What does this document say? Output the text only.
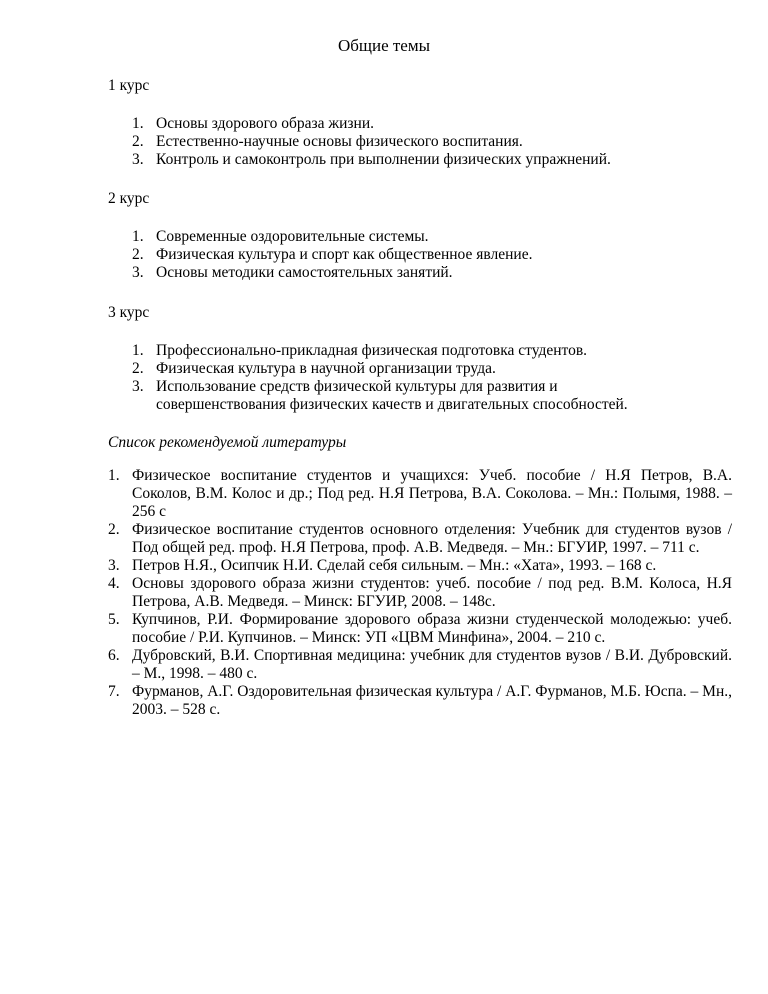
Общие темы
1 курс
1. Основы здорового образа жизни.
2. Естественно-научные основы физического воспитания.
3. Контроль и самоконтроль при выполнении физических упражнений.
2 курс
1. Современные оздоровительные системы.
2. Физическая культура и спорт как общественное явление.
3. Основы методики самостоятельных занятий.
3 курс
1. Профессионально-прикладная физическая подготовка студентов.
2. Физическая культура в научной организации труда.
3. Использование средств физической культуры для развития и совершенствования физических качеств и двигательных способностей.
Список рекомендуемой литературы
1. Физическое воспитание студентов и учащихся: Учеб. пособие / Н.Я Петров, В.А. Соколов, В.М. Колос и др.; Под ред. Н.Я Петрова, В.А. Соколова. – Мн.: Полымя, 1988. – 256 с
2. Физическое воспитание студентов основного отделения: Учебник для студентов вузов / Под общей ред. проф. Н.Я Петрова, проф. А.В. Медведя. – Мн.: БГУИР, 1997. – 711 с.
3. Петров Н.Я., Осипчик Н.И. Сделай себя сильным. – Мн.: «Хата», 1993. – 168 с.
4. Основы здорового образа жизни студентов: учеб. пособие / под ред. В.М. Колоса, Н.Я Петрова, А.В. Медведя. – Минск: БГУИР, 2008. – 148с.
5. Купчинов, Р.И. Формирование здорового образа жизни студенческой молодежью: учеб. пособие / Р.И. Купчинов. – Минск: УП «ЦВМ Минфина», 2004. – 210 с.
6. Дубровский, В.И. Спортивная медицина: учебник для студентов вузов / В.И. Дубровский. – М., 1998. – 480 с.
7. Фурманов, А.Г. Оздоровительная физическая культура / А.Г. Фурманов, М.Б. Юспа. – Мн., 2003. – 528 с.
